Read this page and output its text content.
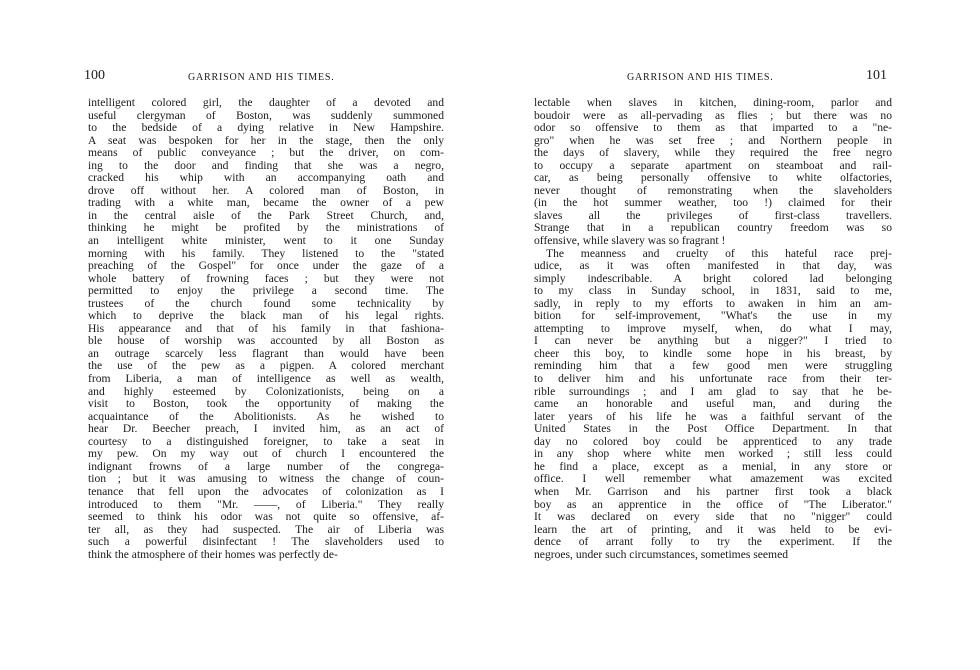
100	GARRISON AND HIS TIMES.
intelligent colored girl, the daughter of a devoted and
useful clergyman of Boston, was suddenly summoned
to the bedside of a dying relative in New Hampshire.
A seat was bespoken for her in the stage, then the only
means of public conveyance ; but the driver, on com-
ing to the door and finding that she was a negro,
cracked his whip with an accompanying oath and
drove off without her. A colored man of Boston, in
trading with a white man, became the owner of a pew
in the central aisle of the Park Street Church, and,
thinking he might be profited by the ministrations of
an intelligent white minister, went to it one Sunday
morning with his family. They listened to the "stated
preaching of the Gospel" for once under the gaze of a
whole battery of frowning faces ; but they were not
permitted to enjoy the privilege a second time. The
trustees of the church found some technicality by
which to deprive the black man of his legal rights.
His appearance and that of his family in that fashiona-
ble house of worship was accounted by all Boston as
an outrage scarcely less flagrant than would have been
the use of the pew as a pigpen. A colored merchant
from Liberia, a man of intelligence as well as wealth,
and highly esteemed by Colonizationists, being on a
visit to Boston, took the opportunity of making the
acquaintance of the Abolitionists. As he wished to
hear Dr. Beecher preach, I invited him, as an act of
courtesy to a distinguished foreigner, to take a seat in
my pew. On my way out of church I encountered the
indignant frowns of a large number of the congrega-
tion ; but it was amusing to witness the change of coun-
tenance that fell upon the advocates of colonization as I
introduced to them "Mr. ——, of Liberia." They really
seemed to think his odor was not quite so offensive, af-
ter all, as they had suspected. The air of Liberia was
such a powerful disinfectant ! The slaveholders used to
think the atmosphere of their homes was perfectly de-
GARRISON AND HIS TIMES.	101
lectable when slaves in kitchen, dining-room, parlor and
boudoir were as all-pervading as flies ; but there was no
odor so offensive to them as that imparted to a "ne-
gro" when he was set free ; and Northern people in
the days of slavery, while they required the free negro
to occupy a separate apartment on steamboat and rail-
car, as being personally offensive to white olfactories,
never thought of remonstrating when the slaveholders
(in the hot summer weather, too !) claimed for their
slaves all the privileges of first-class travellers.
Strange that in a republican country freedom was so
offensive, while slavery was so fragrant !
The meanness and cruelty of this hateful race prej-
udice, as it was often manifested in that day, was
simply indescribable. A bright colored lad belonging
to my class in Sunday school, in 1831, said to me,
sadly, in reply to my efforts to awaken in him an am-
bition for self-improvement, "What's the use in my
attempting to improve myself, when, do what I may,
I can never be anything but a nigger?" I tried to
cheer this boy, to kindle some hope in his breast, by
reminding him that a few good men were struggling
to deliver him and his unfortunate race from their ter-
rible surroundings ; and I am glad to say that he be-
came an honorable and useful man, and during the
later years of his life he was a faithful servant of the
United States in the Post Office Department. In that
day no colored boy could be apprenticed to any trade
in any shop where white men worked ; still less could
he find a place, except as a menial, in any store or
office. I well remember what amazement was excited
when Mr. Garrison and his partner first took a black
boy as an apprentice in the office of "The Liberator."
It was declared on every side that no "nigger" could
learn the art of printing, and it was held to be evi-
dence of arrant folly to try the experiment. If the
negroes, under such circumstances, sometimes seemed
